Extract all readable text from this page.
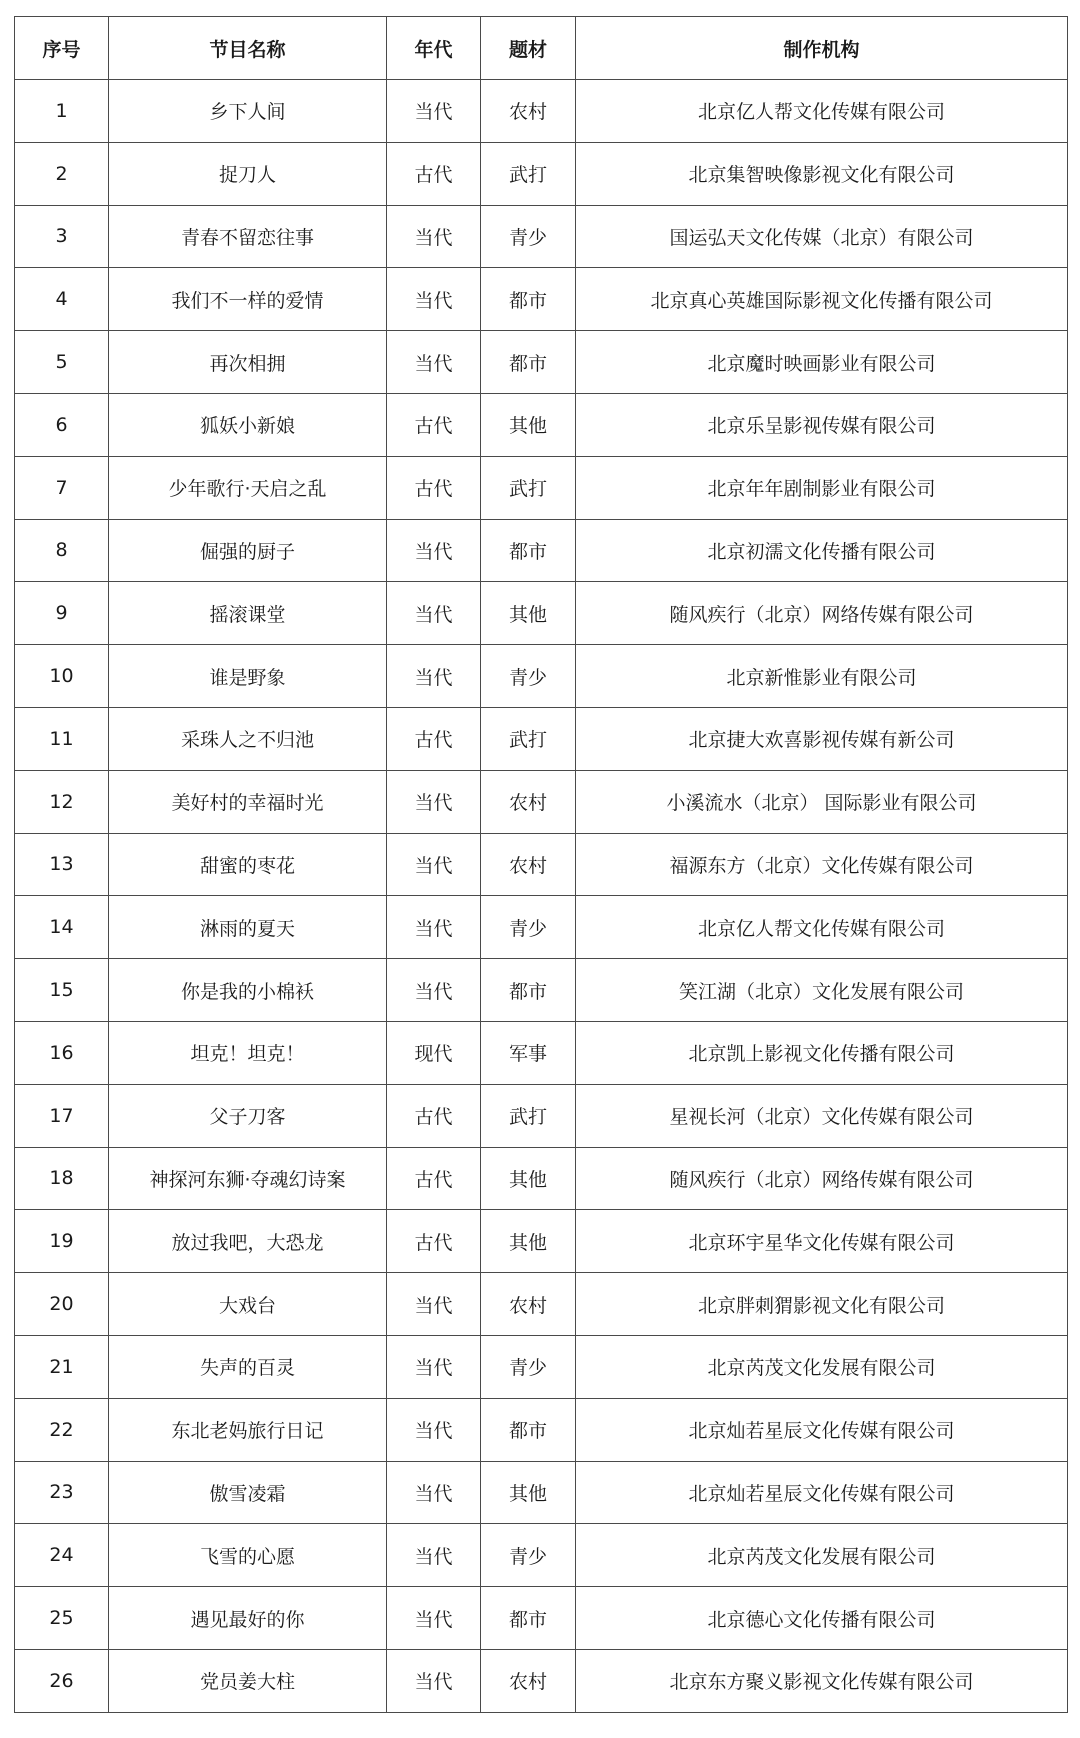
序号	节目名称	年代	题材	制作机构
1	乡下人间	当代	农村	北京亿人帮文化传媒有限公司
2	捉刀人	古代	武打	北京集智映像影视文化有限公司
3	青春不留恋往事	当代	青少	国运弘天文化传媒（北京）有限公司
4	我们不一样的爱情	当代	都市	北京真心英雄国际影视文化传播有限公司
5	再次相拥	当代	都市	北京魔时映画影业有限公司
6	狐妖小新娘	古代	其他	北京乐呈影视传媒有限公司
7	少年歌行·天启之乱	古代	武打	北京年年剧制影业有限公司
8	倔强的厨子	当代	都市	北京初濡文化传播有限公司
9	摇滚课堂	当代	其他	随风疾行（北京）网络传媒有限公司
10	谁是野象	当代	青少	北京新惟影业有限公司
11	采珠人之不归池	古代	武打	北京捷大欢喜影视传媒有新公司
12	美好村的幸福时光	当代	农村	小溪流水（北京） 国际影业有限公司
13	甜蜜的枣花	当代	农村	福源东方（北京）文化传媒有限公司
14	淋雨的夏天	当代	青少	北京亿人帮文化传媒有限公司
15	你是我的小棉袄	当代	都市	笑江湖（北京）文化发展有限公司
16	坦克！坦克！	现代	军事	北京凯上影视文化传播有限公司
17	父子刀客	古代	武打	星视长河（北京）文化传媒有限公司
18	神探河东狮·夺魂幻诗案	古代	其他	随风疾行（北京）网络传媒有限公司
19	放过我吧，大恐龙	古代	其他	北京环宇星华文化传媒有限公司
20	大戏台	当代	农村	北京胖刺猬影视文化有限公司
21	失声的百灵	当代	青少	北京芮茂文化发展有限公司
22	东北老妈旅行日记	当代	都市	北京灿若星辰文化传媒有限公司
23	傲雪凌霜	当代	其他	北京灿若星辰文化传媒有限公司
24	飞雪的心愿	当代	青少	北京芮茂文化发展有限公司
25	遇见最好的你	当代	都市	北京德心文化传播有限公司
26	党员姜大柱	当代	农村	北京东方聚义影视文化传媒有限公司
